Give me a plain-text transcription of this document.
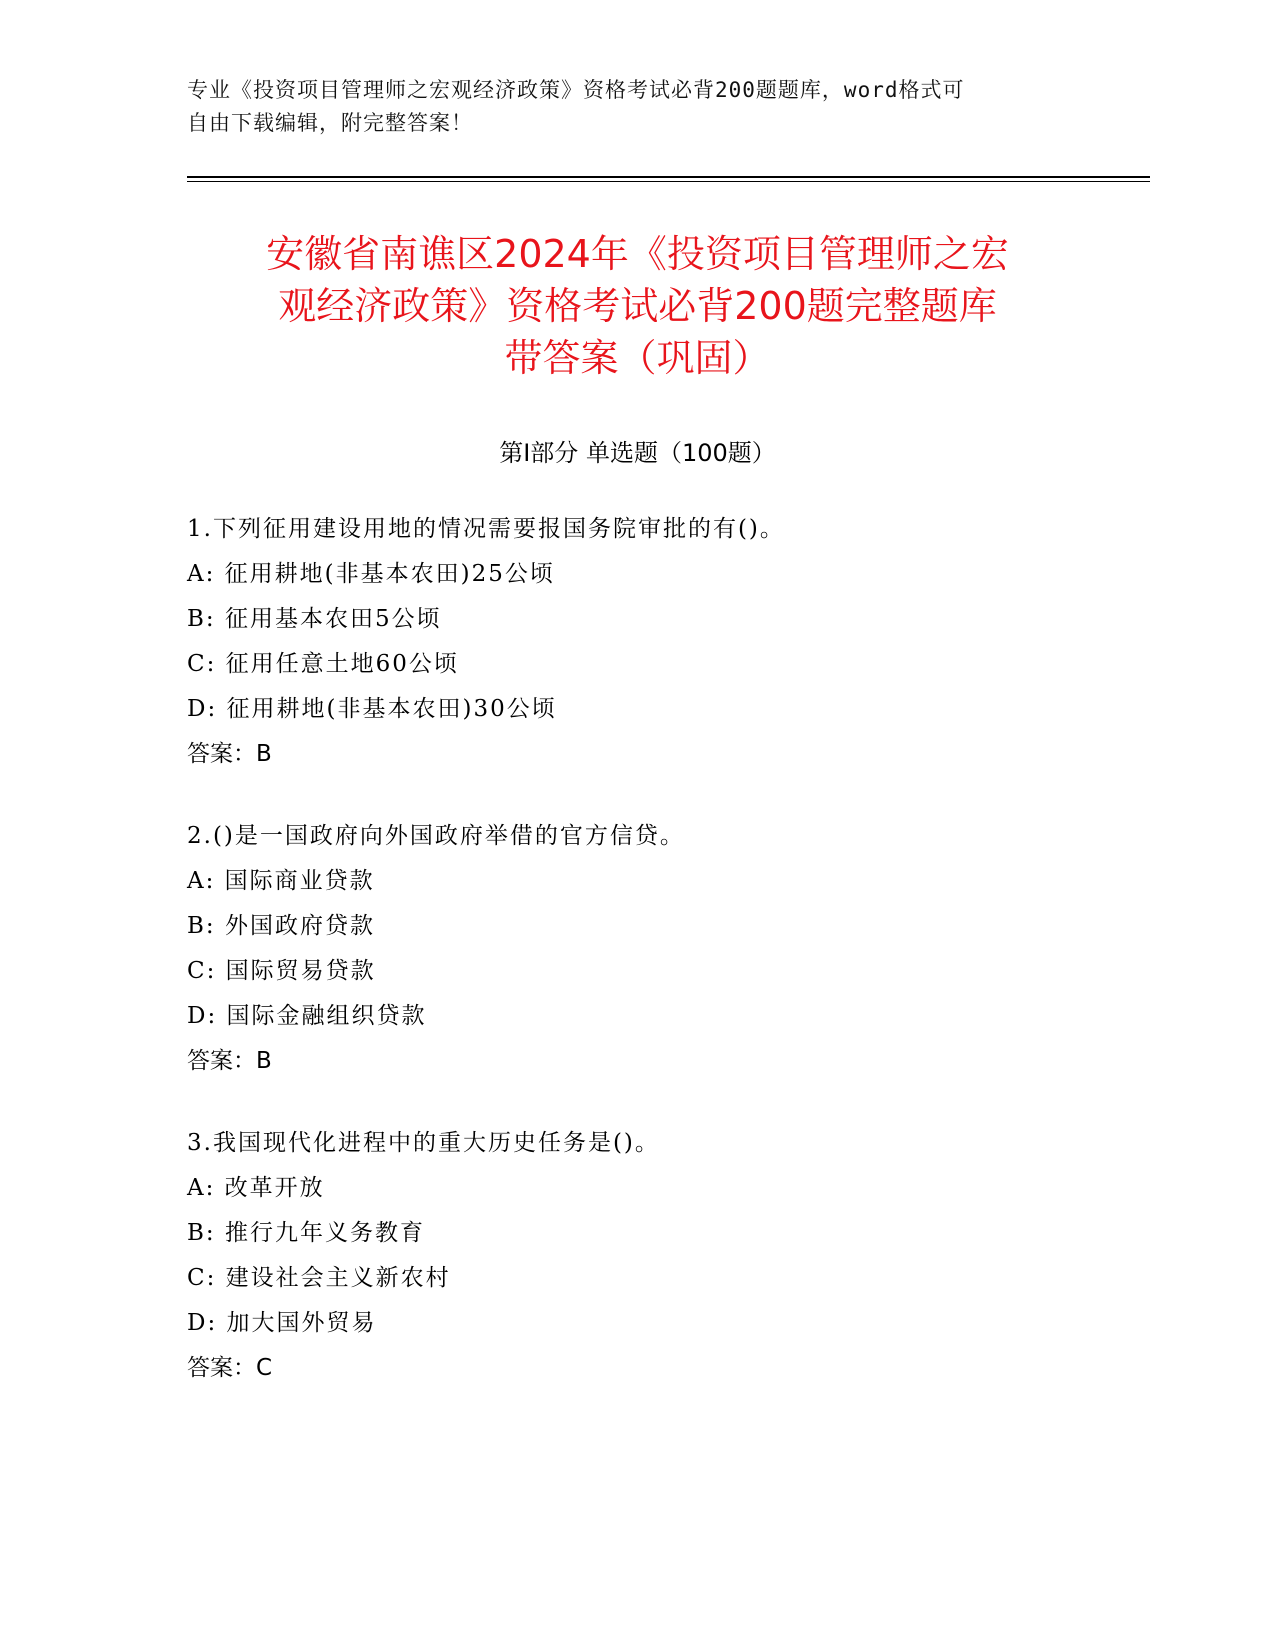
专业《投资项目管理师之宏观经济政策》资格考试必背200题题库，word格式可
自由下载编辑，附完整答案！
安徽省南谯区2024年《投资项目管理师之宏
观经济政策》资格考试必背200题完整题库
带答案（巩固）
第Ⅰ部分 单选题（100题）
1.下列征用建设用地的情况需要报国务院审批的有()。
A: 征用耕地(非基本农田)25公顷
B: 征用基本农田5公顷
C: 征用任意土地60公顷
D: 征用耕地(非基本农田)30公顷
答案：B
2.()是一国政府向外国政府举借的官方信贷。
A: 国际商业贷款
B: 外国政府贷款
C: 国际贸易贷款
D: 国际金融组织贷款
答案：B
3.我国现代化进程中的重大历史任务是()。
A: 改革开放
B: 推行九年义务教育
C: 建设社会主义新农村
D: 加大国外贸易
答案：C
